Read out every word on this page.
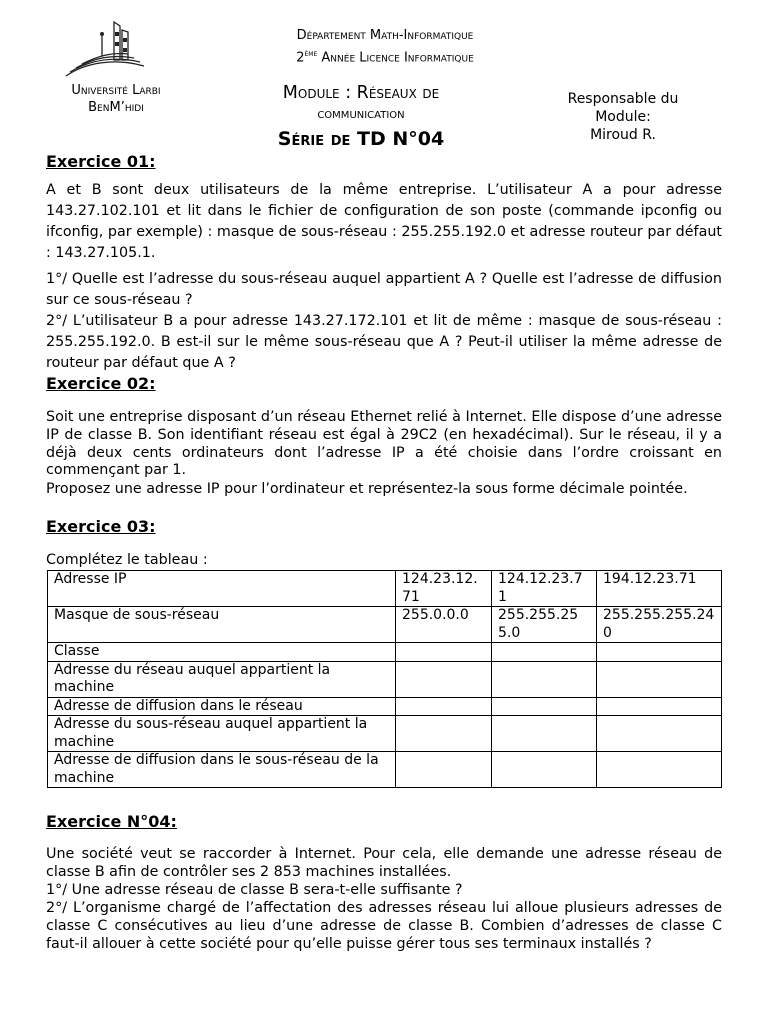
Université Larbi
BenM’hidi
Département Math-Informatique
2ème Année Licence Informatique
Module : Réseaux de
communication
Série de TD N°04
Responsable du
Module:
Miroud R.
Exercice 01:
A et B sont deux utilisateurs de la même entreprise. L’utilisateur A a pour adresse 143.27.102.101 et lit dans le fichier de configuration de son poste (commande ipconfig ou ifconfig, par exemple) : masque de sous-réseau : 255.255.192.0 et adresse routeur par défaut : 143.27.105.1.
1°/ Quelle est l’adresse du sous-réseau auquel appartient A ? Quelle est l’adresse de diffusion sur ce sous-réseau ?
2°/ L’utilisateur B a pour adresse 143.27.172.101 et lit de même : masque de sous-réseau : 255.255.192.0. B est-il sur le même sous-réseau que A ? Peut-il utiliser la même adresse de routeur par défaut que A ?
Exercice 02:
Soit une entreprise disposant d’un réseau Ethernet relié à Internet. Elle dispose d’une adresse IP de classe B. Son identifiant réseau est égal à 29C2 (en hexadécimal). Sur le réseau, il y a déjà deux cents ordinateurs dont l’adresse IP a été choisie dans l’ordre croissant en commençant par 1.
Proposez une adresse IP pour l’ordinateur et représentez-la sous forme décimale pointée.
Exercice 03:
Complétez le tableau :
Adresse IP	124.23.12.71	124.12.23.71	194.12.23.71
Masque de sous-réseau	255.0.0.0	255.255.255.0	255.255.255.240
Classe			
Adresse du réseau auquel appartient la machine			
Adresse de diffusion dans le réseau			
Adresse du sous-réseau auquel appartient la machine			
Adresse de diffusion dans le sous-réseau de la machine			
Exercice N°04:
Une société veut se raccorder à Internet. Pour cela, elle demande une adresse réseau de classe B afin de contrôler ses 2 853 machines installées.
1°/ Une adresse réseau de classe B sera-t-elle suffisante ?
2°/ L’organisme chargé de l’affectation des adresses réseau lui alloue plusieurs adresses de classe C consécutives au lieu d’une adresse de classe B. Combien d’adresses de classe C faut-il allouer à cette société pour qu’elle puisse gérer tous ses terminaux installés ?
